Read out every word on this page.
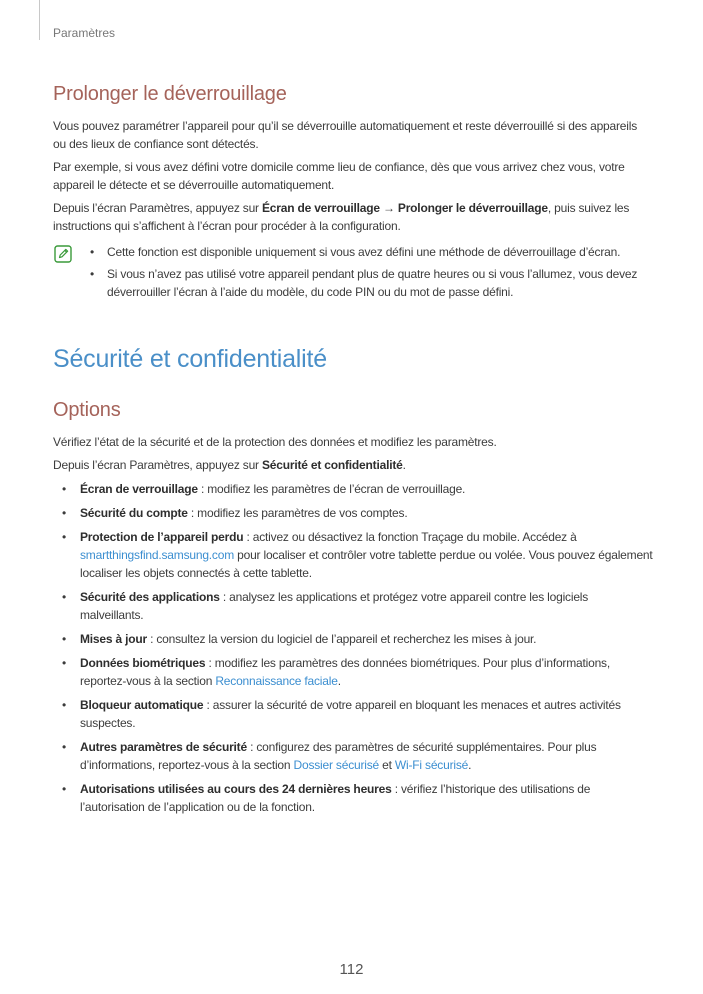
Paramètres
Prolonger le déverrouillage

Vous pouvez paramétrer l’appareil pour qu’il se déverrouille automatiquement et reste déverrouillé si des appareils ou des lieux de confiance sont détectés.

Par exemple, si vous avez défini votre domicile comme lieu de confiance, dès que vous arrivez chez vous, votre appareil le détecte et se déverrouille automatiquement.

Depuis l’écran Paramètres, appuyez sur Écran de verrouillage → Prolonger le déverrouillage, puis suivez les instructions qui s’affichent à l’écran pour procéder à la configuration.

• Cette fonction est disponible uniquement si vous avez défini une méthode de déverrouillage d’écran.
• Si vous n’avez pas utilisé votre appareil pendant plus de quatre heures ou si vous l’allumez, vous devez déverrouiller l’écran à l’aide du modèle, du code PIN ou du mot de passe défini.
Sécurité et confidentialité
Options

Vérifiez l’état de la sécurité et de la protection des données et modifiez les paramètres.

Depuis l’écran Paramètres, appuyez sur Sécurité et confidentialité.

• Écran de verrouillage : modifiez les paramètres de l’écran de verrouillage.
• Sécurité du compte : modifiez les paramètres de vos comptes.
• Protection de l’appareil perdu : activez ou désactivez la fonction Traçage du mobile. Accédez à smartthingsfind.samsung.com pour localiser et contrôler votre tablette perdue ou volée. Vous pouvez également localiser les objets connectés à cette tablette.
• Sécurité des applications : analysez les applications et protégez votre appareil contre les logiciels malveillants.
• Mises à jour : consultez la version du logiciel de l’appareil et recherchez les mises à jour.
• Données biométriques : modifiez les paramètres des données biométriques. Pour plus d’informations, reportez-vous à la section Reconnaissance faciale.
• Bloqueur automatique : assurer la sécurité de votre appareil en bloquant les menaces et autres activités suspectes.
• Autres paramètres de sécurité : configurez des paramètres de sécurité supplémentaires. Pour plus d’informations, reportez-vous à la section Dossier sécurisé et Wi-Fi sécurisé.
• Autorisations utilisées au cours des 24 dernières heures : vérifiez l’historique des utilisations de l’autorisation de l’application ou de la fonction.
112
